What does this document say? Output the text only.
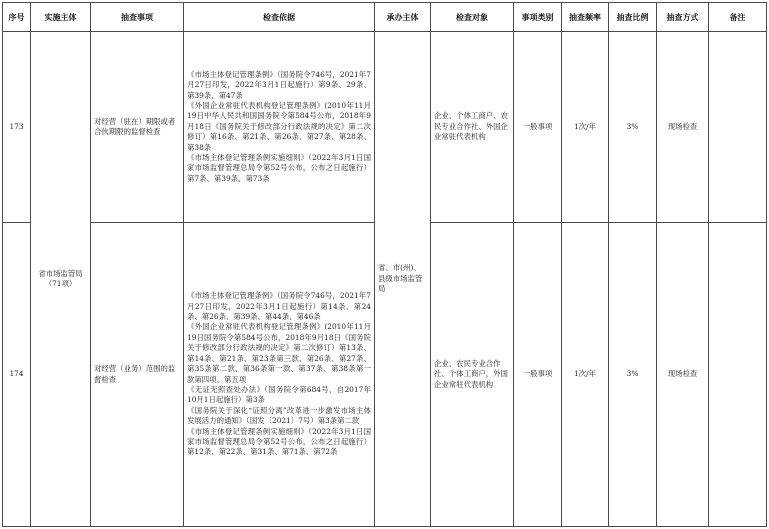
序号	实施主体	抽查事项	检查依据	承办主体	检查对象	事项类别	抽查频率	抽查比例	抽查方式	备注
173	省市场监管局（71项）	对经营（驻在）期限或者合伙期限的监督检查	《市场主体登记管理条例》（国务院令746号，2021年7月27日印发，2022年3月1日起施行）第9条、29条、第39条、第47条
《外国企业常驻代表机构登记管理条例》(2010年11月19日中华人民共和国国务院令第584号公布，2018年9月18日《国务院关于修改部分行政法规的决定》第二次修订）第16条、第21条、第26条、第27条、第28条、第38条
《市场主体登记管理条例实施细则》（2022年3月1日国家市场监督管理总局令第52号公布，公布之日起施行）第7条、第39条、第73条	省、市(州)、县级市场监管局	企业、个体工商户、农民专业合作社、外国企业常驻代表机构	一般事项	1次/年	3%	现场检查	
174		对经营（业务）范围的监督检查	《市场主体登记管理条例》（国务院令746号，2021年7月27日印发，2022年3月1日起施行）第14条、第24条、第26条、第39条、第44条、第46条
《外国企业常驻代表机构登记管理条例》(2010年11月19日国务院令第584号公布，2018年9月18日《国务院关于修改部分行政法规的决定》第二次修订）第13条、第14条、第21条、第23条第三款、第26条、第27条、第35条第二款、第36条第一款、第37条、第38条第一款第四项、第五项
《无证无照查处办法》（国务院令第684号，自2017年10月1日起施行）第3条
《国务院关于深化“证照分离”改革进一步激发市场主体发展活力的通知》（国发〔2021〕7号）第3条第二款
《市场主体登记管理条例实施细则》（2022年3月1日国家市场监督管理总局令第52号公布，公布之日起施行）第12条、第22条、第31条、第71条、第72条		企业、农民专业合作社、个体工商户，外国企业常驻代表机构	一般事项	1次/年	3%	现场检查	
